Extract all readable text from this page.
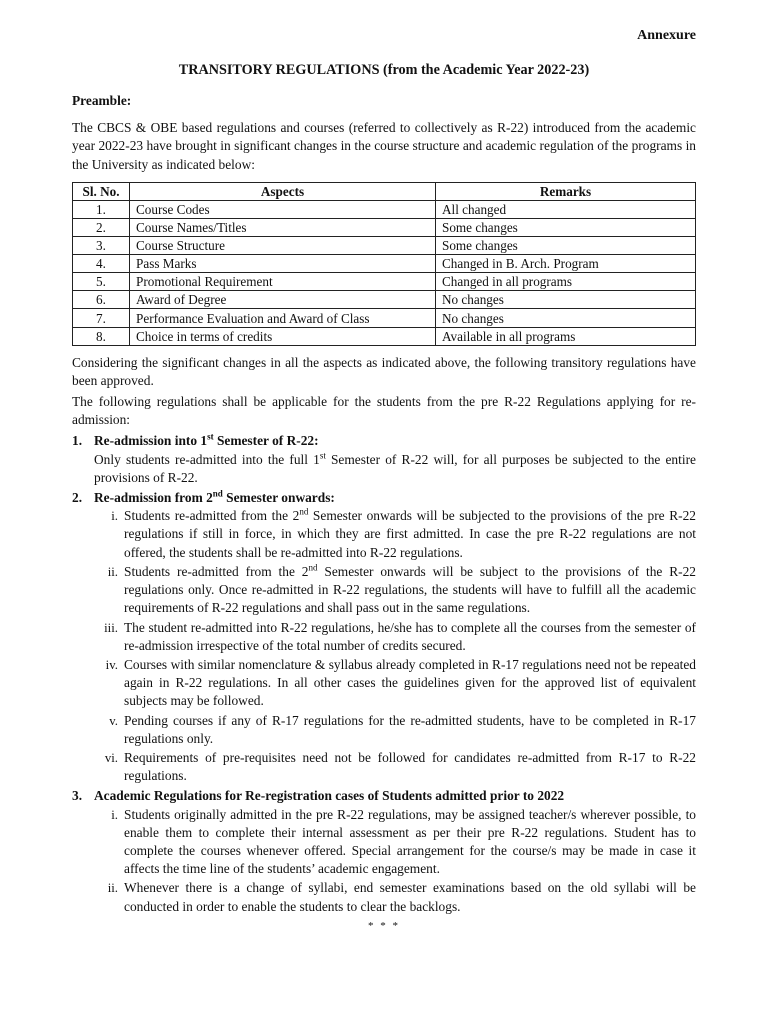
Annexure
TRANSITORY REGULATIONS (from the Academic Year 2022-23)

Preamble:

The CBCS & OBE based regulations and courses (referred to collectively as R-22) introduced from the academic year 2022-23 have brought in significant changes in the course structure and academic regulation of the programs in the University as indicated below:

Sl. No.	Aspects	Remarks
1.	Course Codes	All changed
2.	Course Names/Titles	Some changes
3.	Course Structure	Some changes
4.	Pass Marks	Changed in B. Arch. Program
5.	Promotional Requirement	Changed in all programs
6.	Award of Degree	No changes
7.	Performance Evaluation and Award of Class	No changes
8.	Choice in terms of credits	Available in all programs

Considering the significant changes in all the aspects as indicated above, the following transitory regulations have been approved.

The following regulations shall be applicable for the students from the pre R-22 Regulations applying for re-admission:

1. Re-admission into 1st Semester of R-22:

Only students re-admitted into the full 1st Semester of R-22 will, for all purposes be subjected to the entire provisions of R-22.

2. Re-admission from 2nd Semester onwards:
i. Students re-admitted from the 2nd Semester onwards will be subjected to the provisions of the pre R-22 regulations if still in force, in which they are first admitted. In case the pre R-22 regulations are not offered, the students shall be re-admitted into R-22 regulations.
ii. Students re-admitted from the 2nd Semester onwards will be subject to the provisions of the R-22 regulations only. Once re-admitted in R-22 regulations, the students will have to fulfill all the academic requirements of R-22 regulations and shall pass out in the same regulations.
iii. The student re-admitted into R-22 regulations, he/she has to complete all the courses from the semester of re-admission irrespective of the total number of credits secured.
iv. Courses with similar nomenclature & syllabus already completed in R-17 regulations need not be repeated again in R-22 regulations. In all other cases the guidelines given for the approved list of equivalent subjects may be followed.
v. Pending courses if any of R-17 regulations for the re-admitted students, have to be completed in R-17 regulations only.
vi. Requirements of pre-requisites need not be followed for candidates re-admitted from R-17 to R-22 regulations.
3. Academic Regulations for Re-registration cases of Students admitted prior to 2022
i. Students originally admitted in the pre R-22 regulations, may be assigned teacher/s wherever possible, to enable them to complete their internal assessment as per their pre R-22 regulations. Student has to complete the courses whenever offered. Special arrangement for the course/s may be made in case it affects the time line of the students’ academic engagement.
ii. Whenever there is a change of syllabi, end semester examinations based on the old syllabi will be conducted in order to enable the students to clear the backlogs.
* * *
